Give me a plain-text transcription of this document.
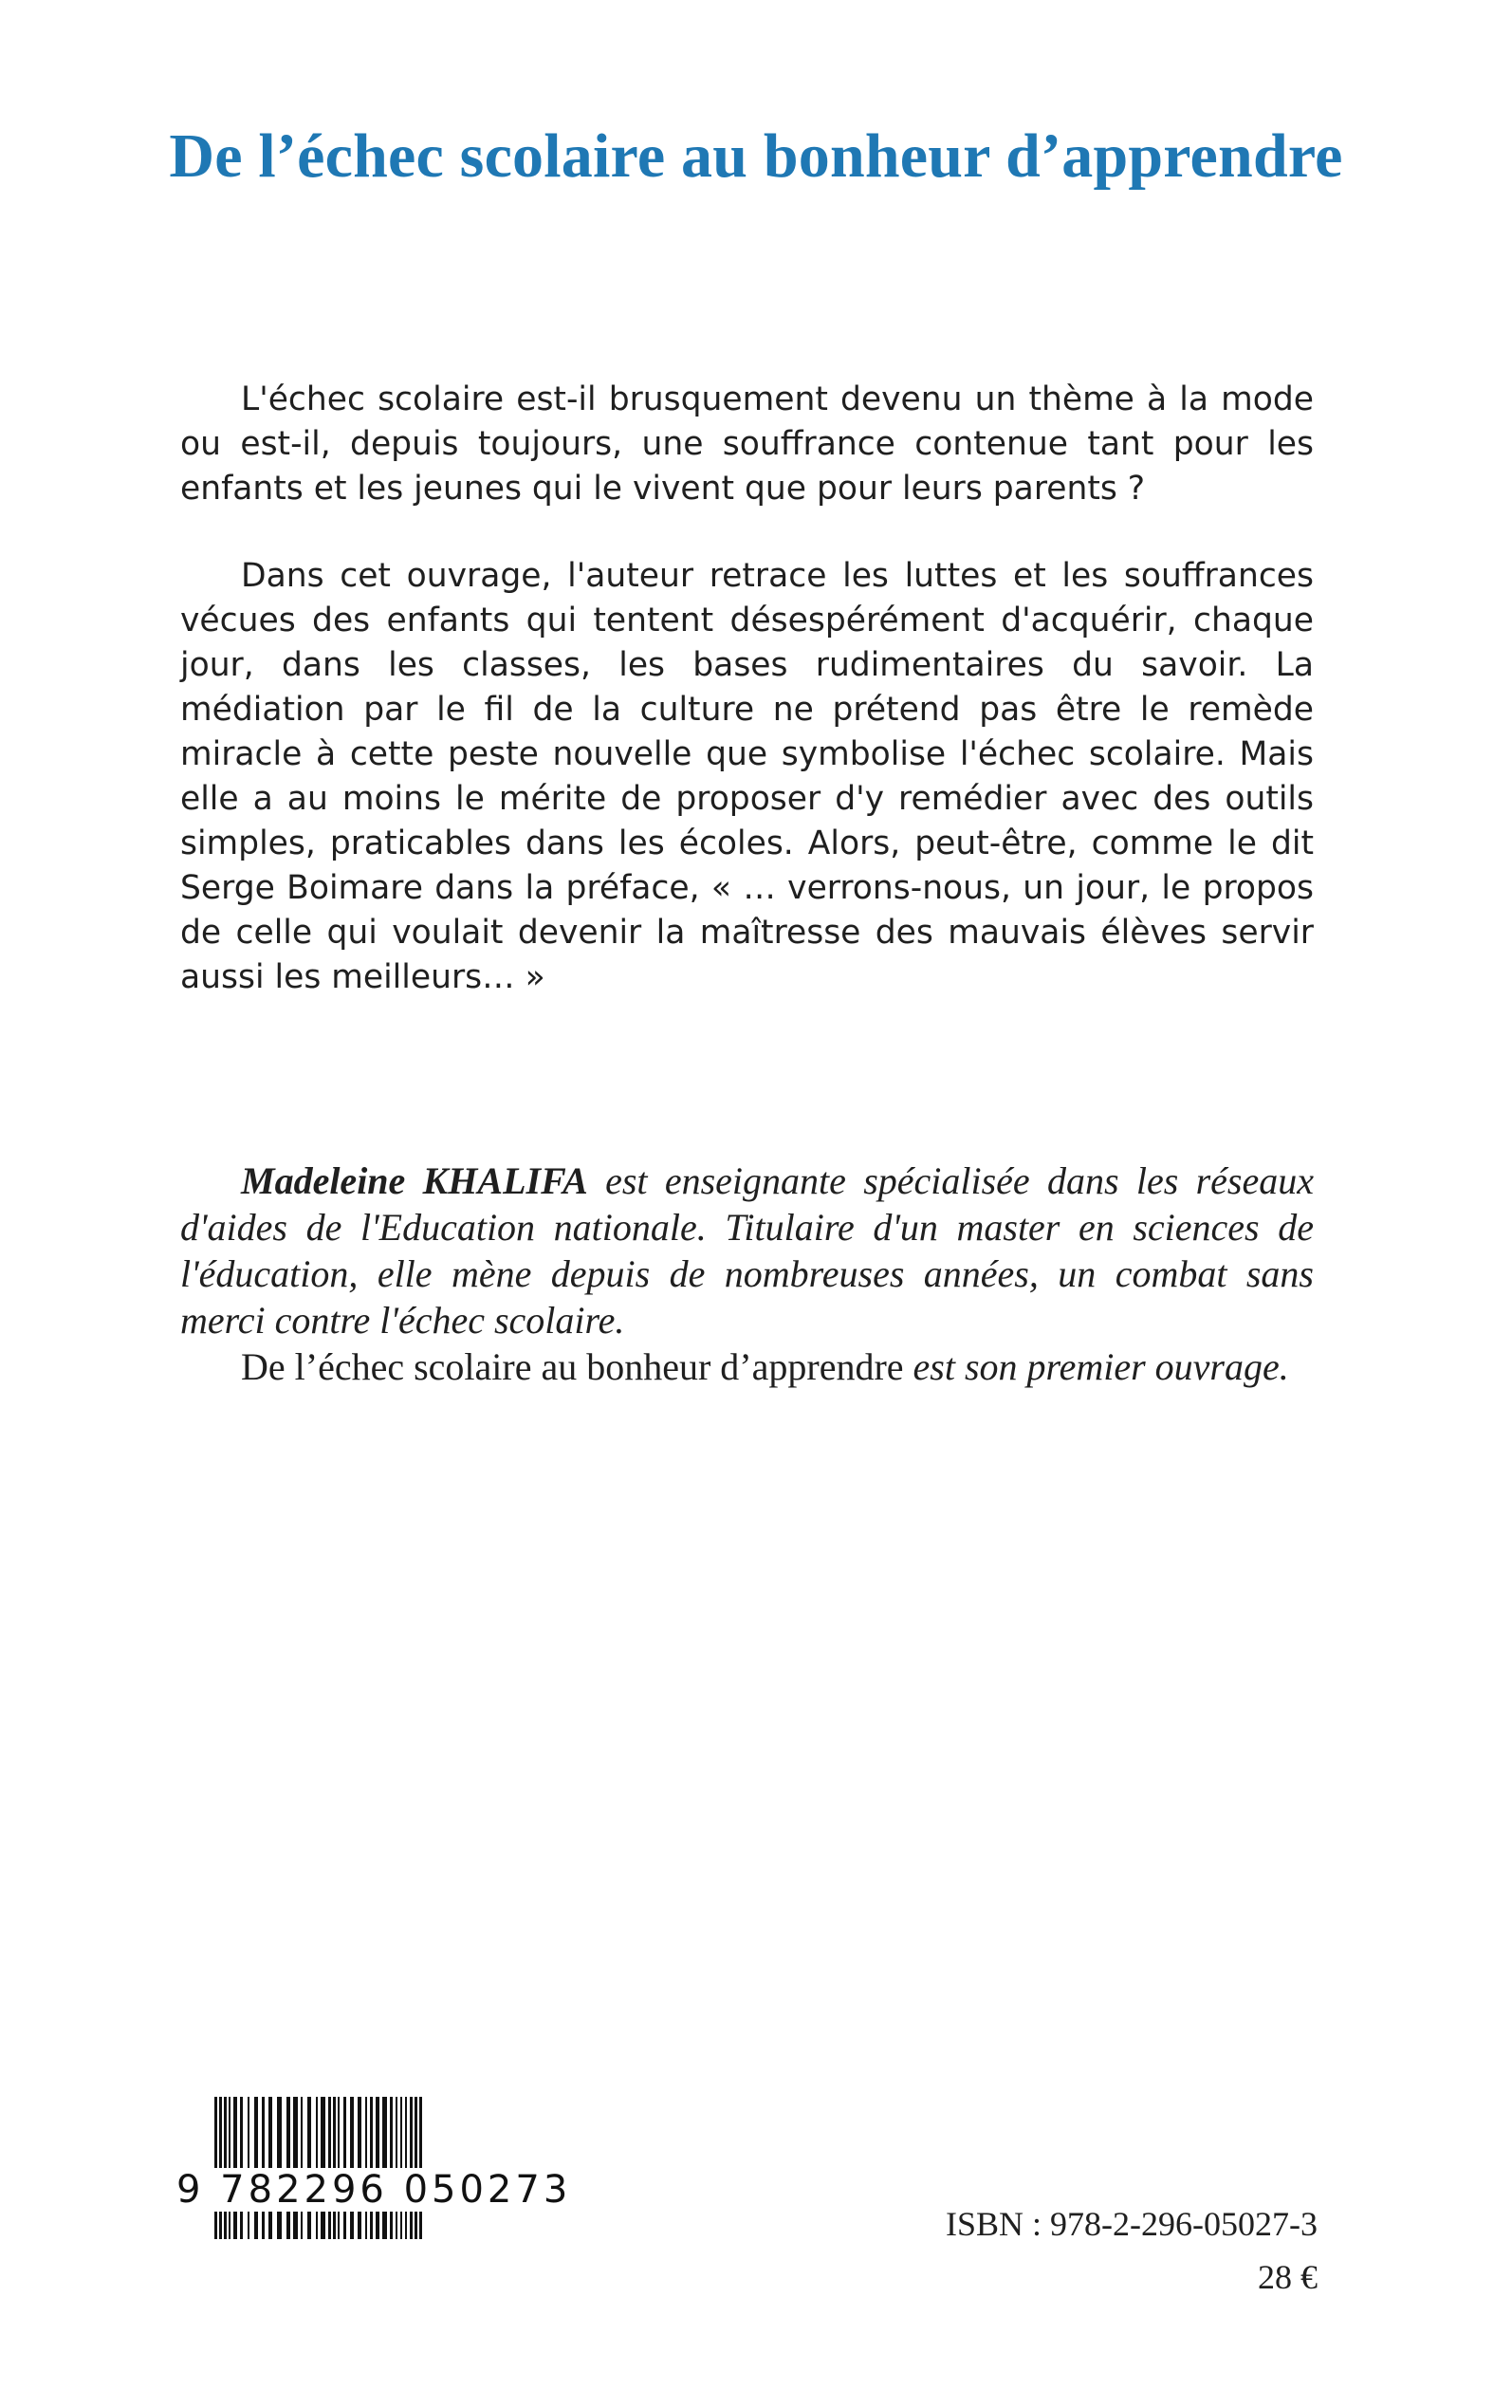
De l’échec scolaire au bonheur d’apprendre

L'échec scolaire est-il brusquement devenu un thème à la mode ou est-il, depuis toujours, une souffrance contenue tant pour les enfants et les jeunes qui le vivent que pour leurs parents ?

Dans cet ouvrage, l'auteur retrace les luttes et les souffrances vécues des enfants qui tentent désespérément d'acquérir, chaque jour, dans les classes, les bases rudimentaires du savoir. La médiation par le fil de la culture ne prétend pas être le remède miracle à cette peste nouvelle que symbolise l'échec scolaire. Mais elle a au moins le mérite de proposer d'y remédier avec des outils simples, praticables dans les écoles. Alors, peut-être, comme le dit Serge Boimare dans la préface, « … verrons-nous, un jour, le propos de celle qui voulait devenir la maîtresse des mauvais élèves servir aussi les meilleurs… »

Madeleine KHALIFA est enseignante spécialisée dans les réseaux d'aides de l'Education nationale. Titulaire d'un master en sciences de l'éducation, elle mène depuis de nombreuses années, un combat sans merci contre l'échec scolaire.

De l’échec scolaire au bonheur d’apprendre est son premier ouvrage.

9 782296 050273
ISBN : 978-2-296-05027-3
28 €
